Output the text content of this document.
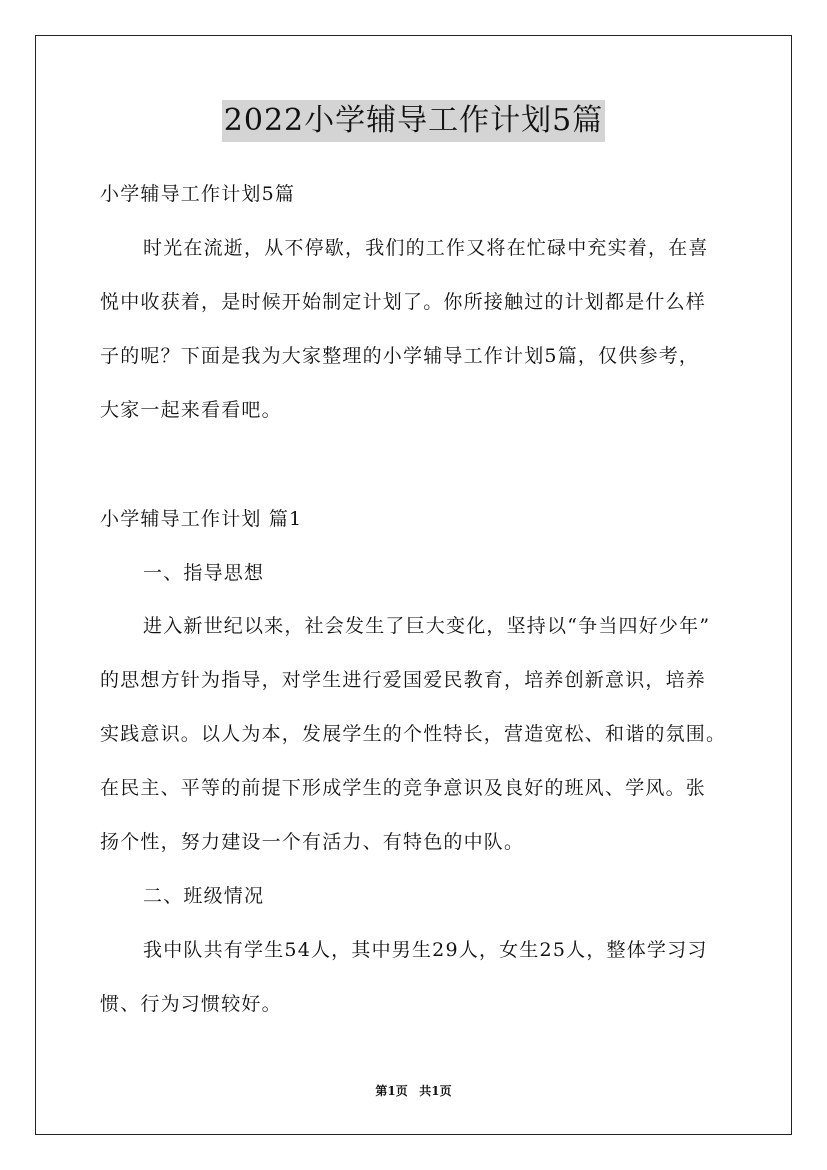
2022小学辅导工作计划5篇
小学辅导工作计划5篇
时光在流逝，从不停歇，我们的工作又将在忙碌中充实着，在喜
悦中收获着，是时候开始制定计划了。你所接触过的计划都是什么样
子的呢？下面是我为大家整理的小学辅导工作计划5篇，仅供参考，
大家一起来看看吧。
小学辅导工作计划 篇1
一、指导思想
进入新世纪以来，社会发生了巨大变化，坚持以“争当四好少年”
的思想方针为指导，对学生进行爱国爱民教育，培养创新意识，培养
实践意识。以人为本，发展学生的个性特长，营造宽松、和谐的氛围。
在民主、平等的前提下形成学生的竞争意识及良好的班风、学风。张
扬个性，努力建设一个有活力、有特色的中队。
二、班级情况
我中队共有学生54人，其中男生29人，女生25人，整体学习习
惯、行为习惯较好。
第1页 共1页
